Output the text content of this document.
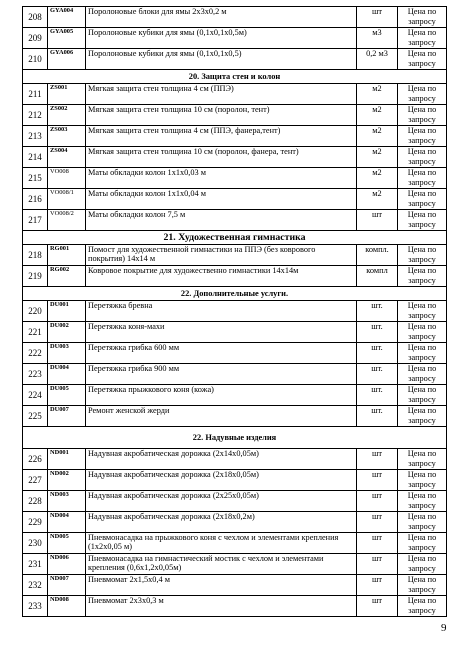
208	GYA004	Поролоновые блоки для ямы 2х3х0,2 м	шт	Цена по запросу
209	GYA005	Поролоновые кубики для ямы (0,1х0,1х0,5м)	м3	Цена по запросу
210	GYA006	Поролоновые кубики для ямы (0,1х0,1х0,5)	0,2 м3	Цена по запросу
20. Защита стен и колон				
211	ZS001	Мягкая защита стен толщина 4 см (ППЭ)	м2	Цена по запросу
212	ZS002	Мягкая защита стен толщина 10 см (поролон, тент)	м2	Цена по запросу
213	ZS003	Мягкая защита стен толщина 4 см (ППЭ, фанера,тент)	м2	Цена по запросу
214	ZS004	Мягкая защита стен толщина 10 см (поролон, фанера, тент)	м2	Цена по запросу
215	VO008	Маты обкладки колон 1х1х0,03 м	м2	Цена по запросу
216	VO008/1	Маты обкладки колон 1х1х0,04 м	м2	Цена по запросу
217	VO008/2	Маты обкладки колон 7,5 м	шт	Цена по запросу
21. Художественная гимнастика				
218	RG001	Помост для художественной гимнастики на ППЭ (без коврового покрытия) 14х14 м	компл.	Цена по запросу
219	RG002	Ковровое покрытие для художественно гимнастики 14х14м	компл	Цена по запросу
22. Дополнительные услуги.				
220	DU001	Перетяжка бревна	шт.	Цена по запросу
221	DU002	Перетяжка коня-махи	шт.	Цена по запросу
222	DU003	Перетяжка грибка 600 мм	шт.	Цена по запросу
223	DU004	Перетяжка грибка 900 мм	шт.	Цена по запросу
224	DU005	Перетяжка прыжкового коня (кожа)	шт.	Цена по запросу
225	DU007	Ремонт женской жерди	шт.	Цена по запросу
22. Надувные изделия				
226	ND001	Надувная акробатическая дорожка (2х14х0,05м)	шт	Цена по запросу
227	ND002	Надувная акробатическая дорожка (2х18х0,05м)	шт	Цена по запросу
228	ND003	Надувная акробатическая дорожка (2х25х0,05м)	шт	Цена по запросу
229	ND004	Надувная акробатическая дорожка (2х18х0,2м)	шт	Цена по запросу
230	ND005	Пневмонасадка на прыжкового коня с чехлом и элементами крепления (1х2х0,05 м)	шт	Цена по запросу
231	ND006	Пневмонасадка на гимнастический мостик с чехлом и элементами крепления (0,6х1,2х0,05м)	шт	Цена по запросу
232	ND007	Пневмомат 2х1,5х0,4 м	шт	Цена по запросу
233	ND008	Пневмомат 2х3х0,3 м	шт	Цена по запросу
9
